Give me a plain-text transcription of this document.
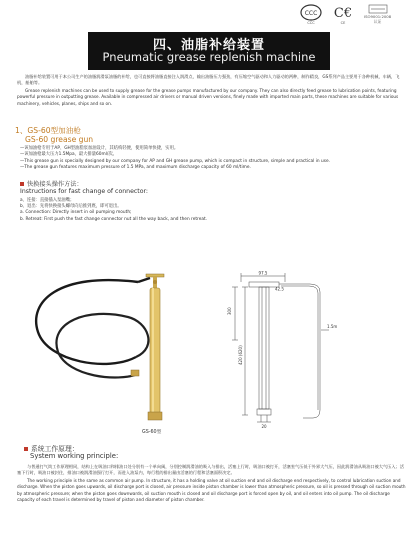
CCC
CCC
C€
CE
ISO9001:2008
认证
四、油脂补给装置
Pneumatic grease replenish machine

油脂补给装置可用于本公司生产的油脂润滑泵油脂的补给，也可直接将油脂直接注入润滑点，输出油脂压力强劲，有压缩空气驱动和人力驱动的两种，制作精良，GS系列产品主要用于各种机械，车辆，飞机，船舶等。

Grease replenish machines can be used to supply grease for the grease pumps manufactured by our company. They can also directly feed grease to lubrication points, featuring powerful pressure in outputting grease. Available in compressed air drivers or manual driven versions, finely made with imported main parts, these machines are suitable for various machinery, vehicles, planes, ships and so on.

1、GS-60型加油枪
GS-60 grease gun

—该加油枪专用于AP、GH型油脂泵加油设计，其结构轻便，使用简单快捷，实用。

—该加油枪最大压力1.5Mpa，最大排量60ml/次。

—This grease gun is specially designed by our company for AP and GH grease pump, which is compact in structure, simple and practical in use.

—The grease gun features maximum pressure of 1.5 MPa, and maximum discharge capacity of 60 ml/time.

快换接头操作方法：
Instructions for fast change of connector:

a、连接：直接插入泵油嘴；

b、退出：先将快换接头螺母向后推到底，即可退出。

a. Connection: Directly insert in oil pumping mouth;

b. Retreat: First push the fast change connector nut all the way back, and then retreat.

GS-60型
97.5
42.5
300
420 (620)
1.5m
20
系统工作原理：
System working principle:

与普通打气筒工作原理相同，结构上在吸油口和排油口处分别有一个单向阀，分别控制润滑油的吸入与排出，活塞上行时，吸油口被打开，活塞室气压低于外界大气压，因此润滑油从吸油口被大气压入；活塞下行时，吸油口被封住，排油口被润滑油强行打开，而进入油泵内，每行程的排出量由活塞的行程和活塞面积决定。

The working principle is the same as common air pump. In structure, it has a holding valve at oil suction end and oil discharge end respectively, to control lubrication suction and discharge. When the piston goes upwards, oil discharge port is closed, air pressure inside piston chamber is lower than atmospheric pressure, so oil is pressed through oil suction mouth by atmospheric pressure; when the piston goes downwards, oil suction mouth is closed and oil discharge port is forced open by oil, and oil enters into oil pump. The oil discharge capacity of each travel is determined by travel of piston and diameter of piston chamber.
